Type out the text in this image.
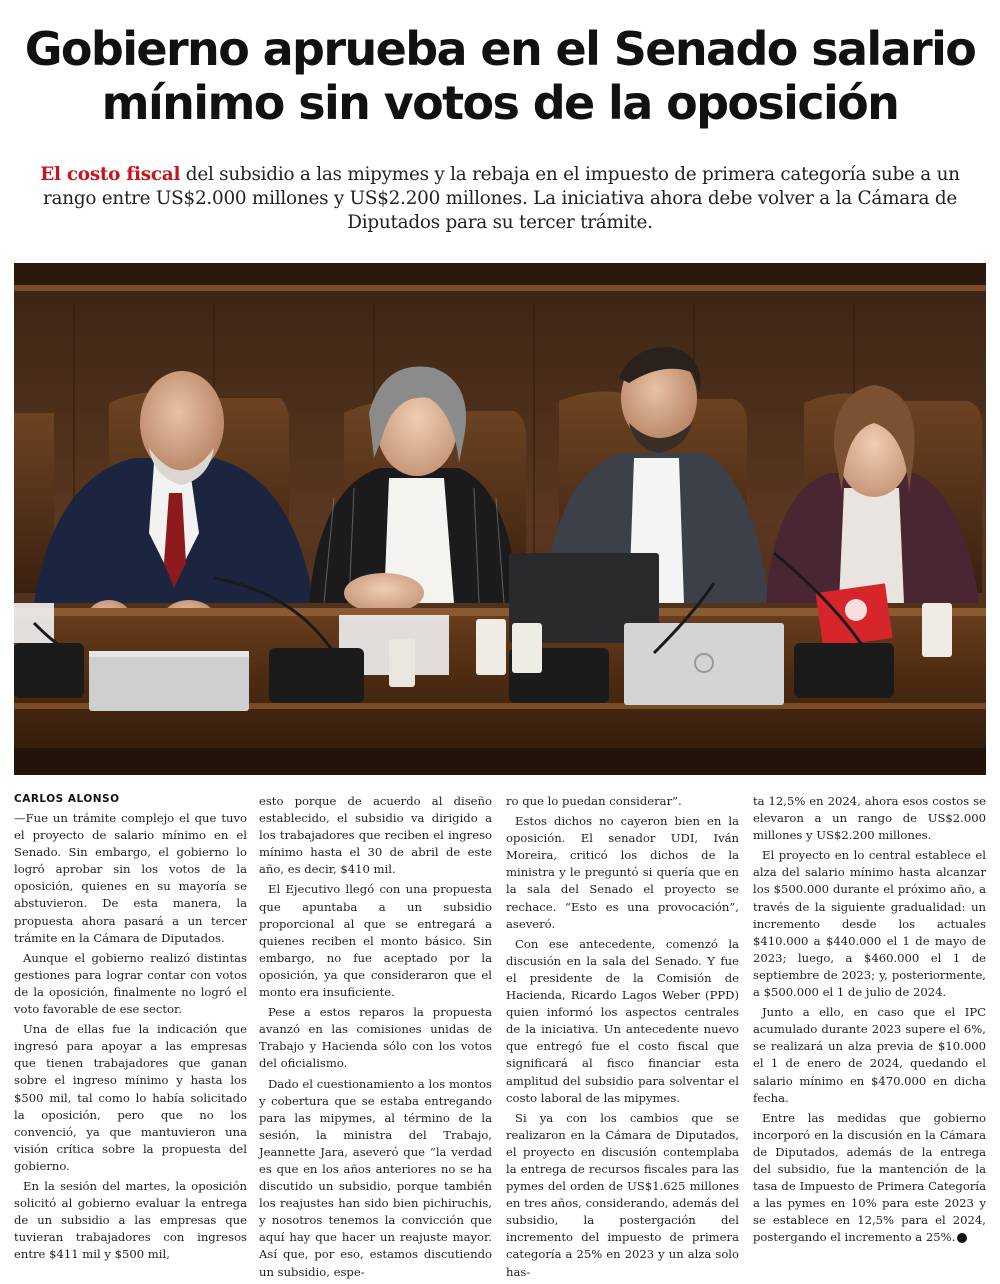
Gobierno aprueba en el Senado salario
mínimo sin votos de la oposición
El costo fiscal del subsidio a las mipymes y la rebaja en el impuesto de primera categoría sube a un rango entre US$2.000 millones y US$2.200 millones. La iniciativa ahora debe volver a la Cámara de Diputados para su tercer trámite.
CARLOS ALONSO

—Fue un trámite complejo el que tuvo el proyecto de salario mínimo en el Senado. Sin embargo, el gobierno lo logró aprobar sin los votos de la oposición, quienes en su mayoría se abstuvieron. De esta manera, la propuesta ahora pasará a un tercer trámite en la Cámara de Diputados.

Aunque el gobierno realizó distintas gestiones para lograr contar con votos de la oposición, finalmente no logró el voto favorable de ese sector.

Una de ellas fue la indicación que ingresó para apoyar a las empresas que tienen trabajadores que ganan sobre el ingreso mínimo y hasta los $500 mil, tal como lo había solicitado la oposición, pero que no los convenció, ya que mantuvieron una visión crítica sobre la propuesta del gobierno.

En la sesión del martes, la oposición solicitó al gobierno evaluar la entrega de un subsidio a las empresas que tuvieran trabajadores con ingresos entre $411 mil y $500 mil,

esto porque de acuerdo al diseño establecido, el subsidio va dirigido a los trabajadores que reciben el ingreso mínimo hasta el 30 de abril de este año, es decir, $410 mil.

El Ejecutivo llegó con una propuesta que apuntaba a un subsidio proporcional al que se entregará a quienes reciben el monto básico. Sin embargo, no fue aceptado por la oposición, ya que consideraron que el monto era insuficiente.

Pese a estos reparos la propuesta avanzó en las comisiones unidas de Trabajo y Hacienda sólo con los votos del oficialismo.

Dado el cuestionamiento a los montos y cobertura que se estaba entregando para las mipymes, al término de la sesión, la ministra del Trabajo, Jeannette Jara, aseveró que “la verdad es que en los años anteriores no se ha discutido un subsidio, porque también los reajustes han sido bien pichiruchis, y nosotros tenemos la convicción que aquí hay que hacer un reajuste mayor. Así que, por eso, estamos discutiendo un subsidio, espe-

ro que lo puedan considerar”.

Estos dichos no cayeron bien en la oposición. El senador UDI, Iván Moreira, criticó los dichos de la ministra y le preguntó si quería que en la sala del Senado el proyecto se rechace. “Esto es una provocación”, aseveró.

Con ese antecedente, comenzó la discusión en la sala del Senado. Y fue el presidente de la Comisión de Hacienda, Ricardo Lagos Weber (PPD) quien informó los aspectos centrales de la iniciativa. Un antecedente nuevo que entregó fue el costo fiscal que significará al fisco financiar esta amplitud del subsidio para solventar el costo laboral de las mipymes.

Si ya con los cambios que se realizaron en la Cámara de Diputados, el proyecto en discusión contemplaba la entrega de recursos fiscales para las pymes del orden de US$1.625 millones en tres años, considerando, además del subsidio, la postergación del incremento del impuesto de primera categoría a 25% en 2023 y un alza solo has-

ta 12,5% en 2024, ahora esos costos se elevaron a un rango de US$2.000 millones y US$2.200 millones.

El proyecto en lo central establece el alza del salario mínimo hasta alcanzar los $500.000 durante el próximo año, a través de la siguiente gradualidad: un incremento desde los actuales $410.000 a $440.000 el 1 de mayo de 2023; luego, a $460.000 el 1 de septiembre de 2023; y, posteriormente, a $500.000 el 1 de julio de 2024.

Junto a ello, en caso que el IPC acumulado durante 2023 supere el 6%, se realizará un alza previa de $10.000 el 1 de enero de 2024, quedando el salario mínimo en $470.000 en dicha fecha.

Entre las medidas que gobierno incorporó en la discusión en la Cámara de Diputados, además de la entrega del subsidio, fue la mantención de la tasa de Impuesto de Primera Categoría a las pymes en 10% para este 2023 y se establece en 12,5% para el 2024, postergando el incremento a 25%. P
